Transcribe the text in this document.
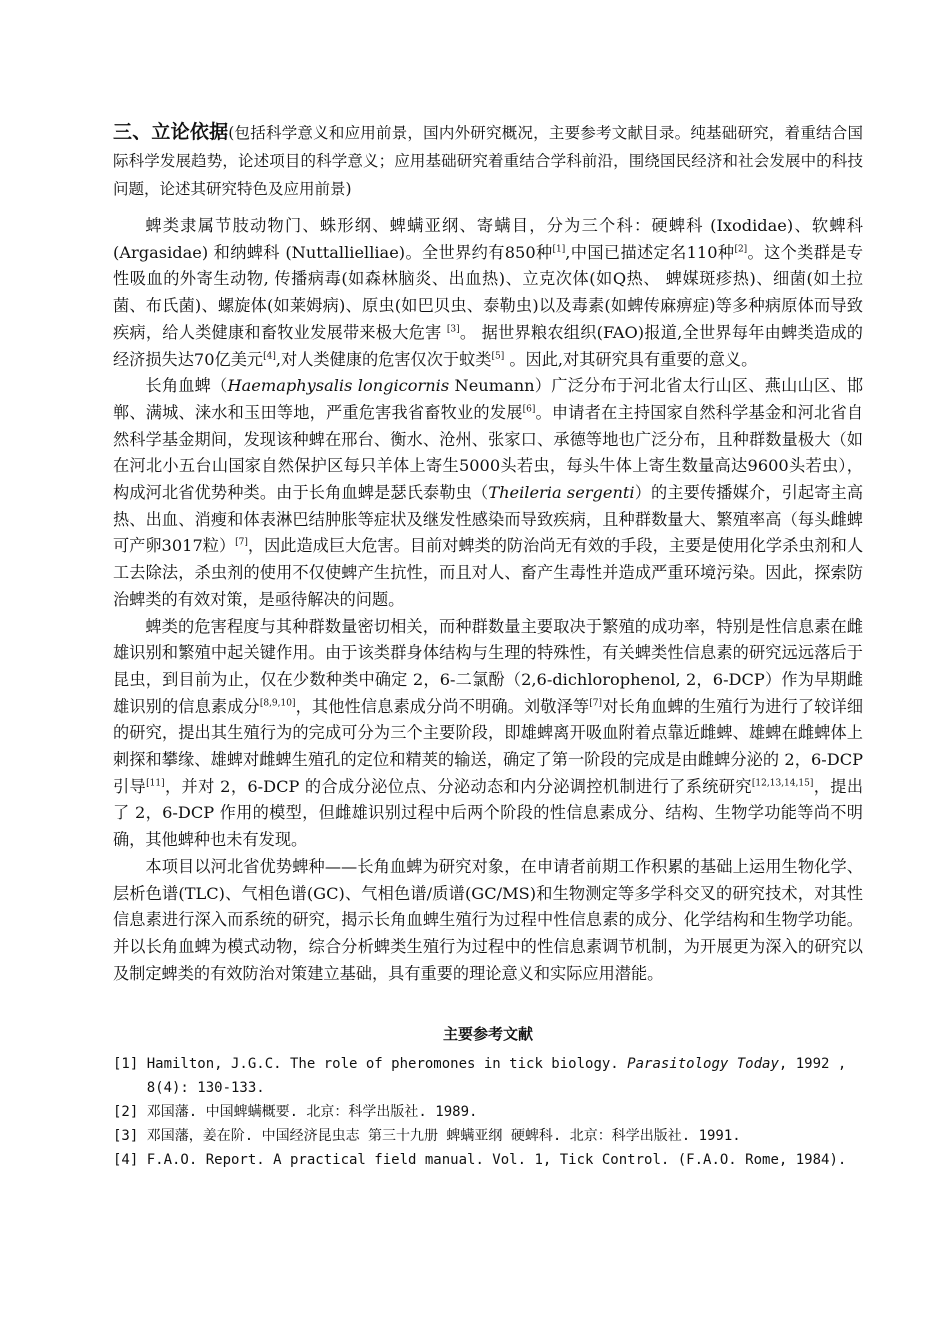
三、立论依据(包括科学意义和应用前景，国内外研究概况，主要参考文献目录。纯基础研究，着重结合国际科学发展趋势，论述项目的科学意义；应用基础研究着重结合学科前沿，围绕国民经济和社会发展中的科技问题，论述其研究特色及应用前景)

蜱类隶属节肢动物门、蛛形纲、蜱螨亚纲、寄螨目，分为三个科：硬蜱科 (Ixodidae)、软蜱科 (Argasidae) 和纳蜱科 (Nuttallielliae)。全世界约有850种[1],中国已描述定名110种[2]。这个类群是专性吸血的外寄生动物, 传播病毒(如森林脑炎、出血热)、立克次体(如Q热、 蜱媒斑疹热)、细菌(如土拉菌、布氏菌)、螺旋体(如莱姆病)、原虫(如巴贝虫、泰勒虫)以及毒素(如蜱传麻痹症)等多种病原体而导致疾病，给人类健康和畜牧业发展带来极大危害 [3]。 据世界粮农组织(FAO)报道,全世界每年由蜱类造成的经济损失达70亿美元[4],对人类健康的危害仅次于蚊类[5] 。因此,对其研究具有重要的意义。

长角血蜱（Haemaphysalis longicornis Neumann）广泛分布于河北省太行山区、燕山山区、邯郸、满城、涞水和玉田等地，严重危害我省畜牧业的发展[6]。申请者在主持国家自然科学基金和河北省自然科学基金期间，发现该种蜱在邢台、衡水、沧州、张家口、承德等地也广泛分布，且种群数量极大（如在河北小五台山国家自然保护区每只羊体上寄生5000头若虫，每头牛体上寄生数量高达9600头若虫），构成河北省优势种类。由于长角血蜱是瑟氏泰勒虫（Theileria sergenti）的主要传播媒介，引起寄主高热、出血、消瘦和体表淋巴结肿胀等症状及继发性感染而导致疾病，且种群数量大、繁殖率高（每头雌蜱可产卵3017粒）[7]，因此造成巨大危害。目前对蜱类的防治尚无有效的手段，主要是使用化学杀虫剂和人工去除法，杀虫剂的使用不仅使蜱产生抗性，而且对人、畜产生毒性并造成严重环境污染。因此，探索防治蜱类的有效对策，是亟待解决的问题。

蜱类的危害程度与其种群数量密切相关，而种群数量主要取决于繁殖的成功率，特别是性信息素在雌雄识别和繁殖中起关键作用。由于该类群身体结构与生理的特殊性，有关蜱类性信息素的研究远远落后于昆虫，到目前为止，仅在少数种类中确定 2，6-二氯酚（2,6-dichlorophenol, 2，6-DCP）作为早期雌雄识别的信息素成分[8,9,10]，其他性信息素成分尚不明确。刘敬泽等[7]对长角血蜱的生殖行为进行了较详细的研究，提出其生殖行为的完成可分为三个主要阶段，即雄蜱离开吸血附着点靠近雌蜱、雄蜱在雌蜱体上刺探和攀缘、雄蜱对雌蜱生殖孔的定位和精荚的输送，确定了第一阶段的完成是由雌蜱分泌的 2，6-DCP引导[11]，并对 2，6-DCP 的合成分泌位点、分泌动态和内分泌调控机制进行了系统研究[12,13,14,15]，提出了 2，6-DCP 作用的模型，但雌雄识别过程中后两个阶段的性信息素成分、结构、生物学功能等尚不明确，其他蜱种也未有发现。

本项目以河北省优势蜱种——长角血蜱为研究对象，在申请者前期工作积累的基础上运用生物化学、层析色谱(TLC)、气相色谱(GC)、气相色谱/质谱(GC/MS)和生物测定等多学科交叉的研究技术，对其性信息素进行深入而系统的研究，揭示长角血蜱生殖行为过程中性信息素的成分、化学结构和生物学功能。并以长角血蜱为模式动物，综合分析蜱类生殖行为过程中的性信息素调节机制，为开展更为深入的研究以及制定蜱类的有效防治对策建立基础，具有重要的理论意义和实际应用潜能。

主要参考文献
[1] Hamilton, J.G.C. The role of pheromones in tick biology. Parasitology Today, 1992 , 8(4): 130-133.
[2] 邓国藩. 中国蜱螨概要. 北京：科学出版社. 1989.
[3] 邓国藩，姜在阶. 中国经济昆虫志 第三十九册 蜱螨亚纲 硬蜱科. 北京：科学出版社. 1991.
[4] F.A.O. Report. A practical field manual. Vol. 1, Tick Control. (F.A.O. Rome, 1984).
